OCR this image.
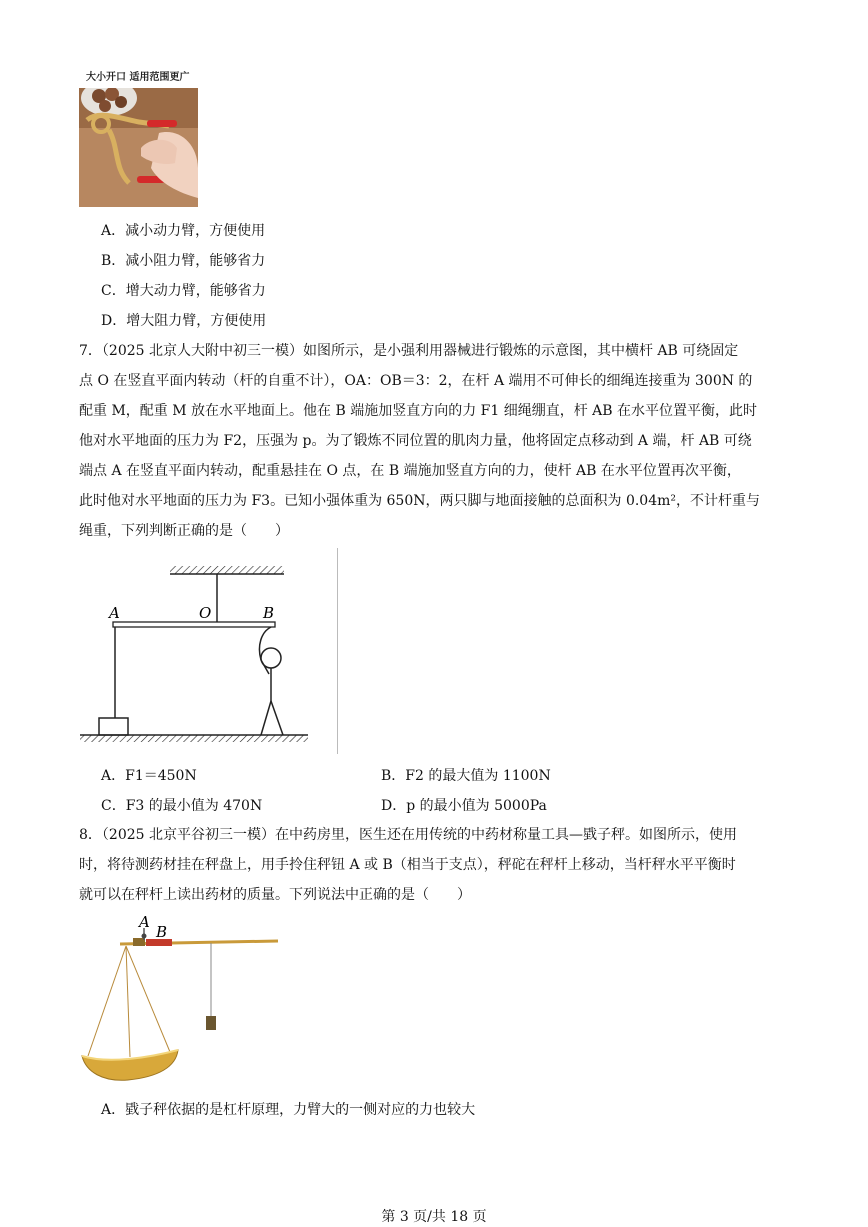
大小开口 适用范围更广
A．减小动力臂，方便使用
B．减小阻力臂，能够省力
C．增大动力臂，能够省力
D．增大阻力臂，方便使用
7．（2025 北京人大附中初三一模）如图所示，是小强利用器械进行锻炼的示意图，其中横杆 AB 可绕固定
点 O 在竖直平面内转动（杆的自重不计），OA：OB＝3：2，在杆 A 端用不可伸长的细绳连接重为 300N 的
配重 M，配重 M 放在水平地面上。他在 B 端施加竖直方向的力 F1 细绳绷直，杆 AB 在水平位置平衡，此时
他对水平地面的压力为 F2，压强为 p。为了锻炼不同位置的肌肉力量，他将固定点移动到 A 端，杆 AB 可绕
端点 A 在竖直平面内转动，配重悬挂在 O 点，在 B 端施加竖直方向的力，使杆 AB 在水平位置再次平衡，
此时他对水平地面的压力为 F3。已知小强体重为 650N，两只脚与地面接触的总面积为 0.04m²，不计杆重与
绳重，下列判断正确的是（　　）
A	O	B
A．F1＝450N	B．F2 的最大值为 1100N
C．F3 的最小值为 470N	D．p 的最小值为 5000Pa
8．（2025 北京平谷初三一模）在中药房里，医生还在用传统的中药材称量工具—戥子秤。如图所示，使用
时，将待测药材挂在秤盘上，用手拎住秤钮 A 或 B（相当于支点），秤砣在秤杆上移动，当杆秤水平平衡时
就可以在秤杆上读出药材的质量。下列说法中正确的是（　　）
A
B
A．戥子秤依据的是杠杆原理，力臂大的一侧对应的力也较大
第 3 页/共 18 页
